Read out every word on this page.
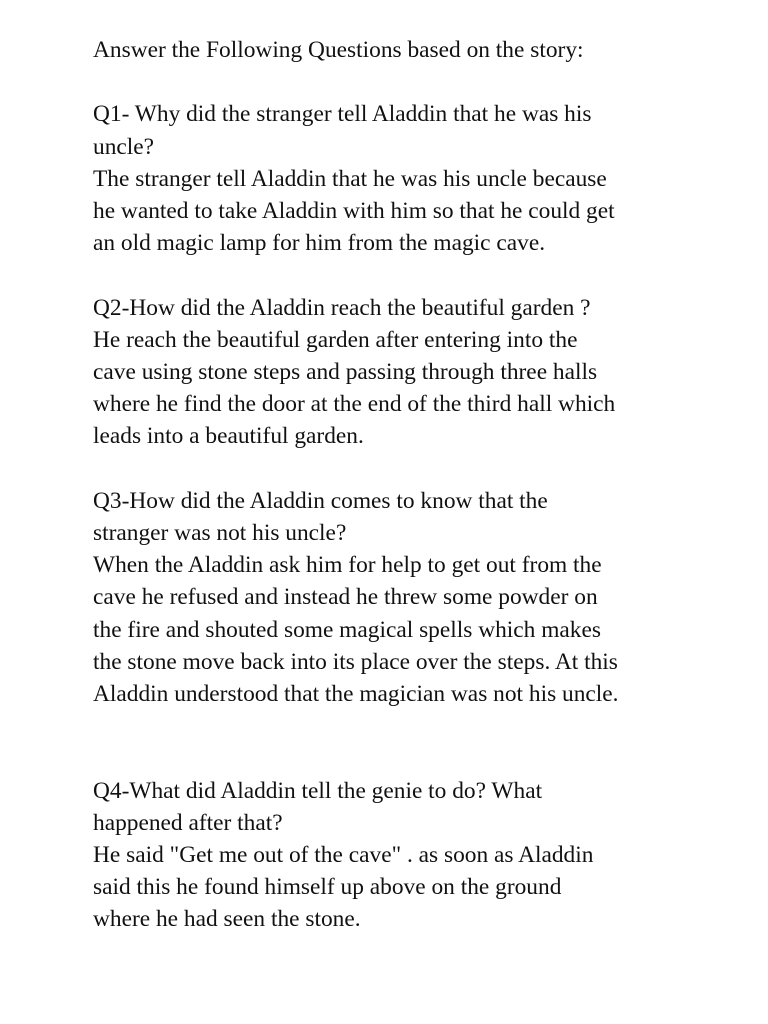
Answer the Following Questions based on the story:
Q1- Why did the stranger tell Aladdin that he was his
uncle?
The stranger tell Aladdin that he was his uncle because
he wanted to take Aladdin with him so that he could get
an old magic lamp for him from the magic cave.
Q2-How did the Aladdin reach the beautiful garden ?
He reach the beautiful garden after entering into the
cave using stone steps and passing through three halls
where he find the door at the end of the third hall which
leads into a beautiful garden.
Q3-How did the Aladdin comes to know that the
stranger was not his uncle?
When the Aladdin ask him for help to get out from the
cave he refused and instead he threw some powder on
the fire and shouted some magical spells which makes
the stone move back into its place over the steps. At this
Aladdin understood that the magician was not his uncle.
Q4-What did Aladdin tell the genie to do? What
happened after that?
He said "Get me out of the cave" . as soon as Aladdin
said this he found himself up above on the ground
where he had seen the stone.
